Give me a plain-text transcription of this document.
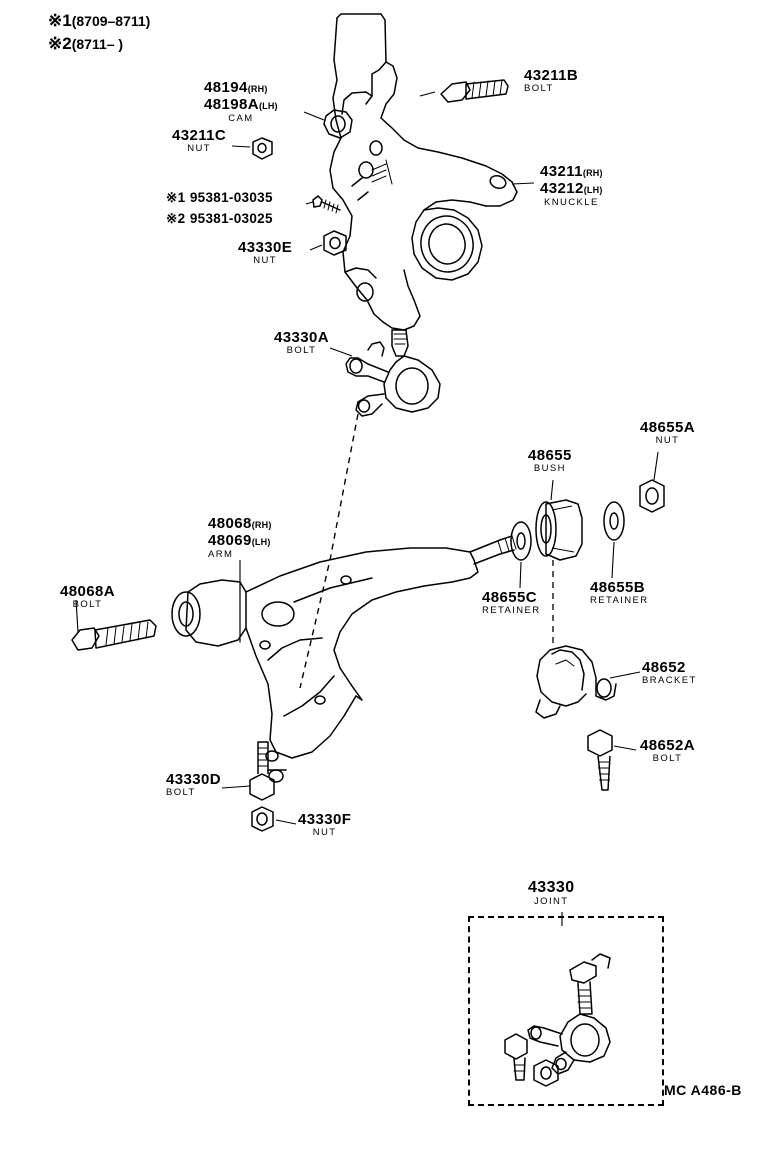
※1(8709–8711)
※2(8711– )
MC A486-B
48194(RH)
48198A(LH)
CAM
43211B
BOLT
43211C
NUT
43211(RH)
43212(LH)
KNUCKLE
※1 95381-03035
※2 95381-03025
43330E
NUT
43330A
BOLT
48655A
NUT
48655
BUSH
48655B
RETAINER
48655C
RETAINER
48068(RH)
48069(LH)
ARM
48068A
BOLT
48652
BRACKET
48652A
BOLT
43330D
BOLT
43330F
NUT
43330
JOINT
